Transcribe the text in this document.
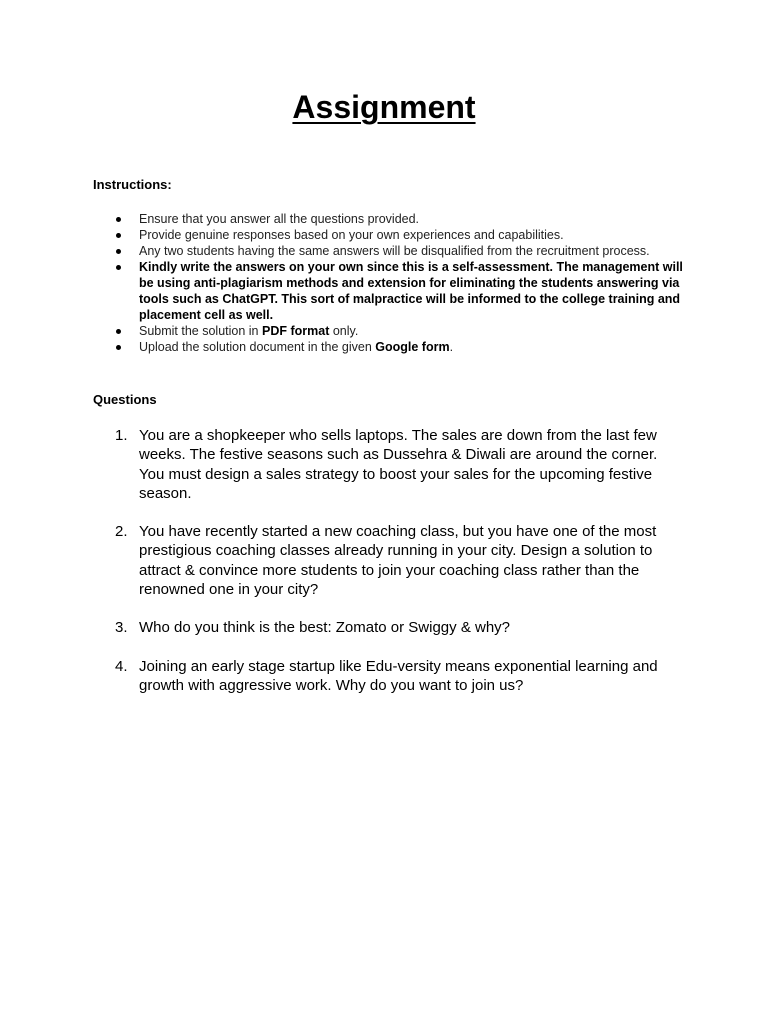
Assignment
Instructions:
Ensure that you answer all the questions provided.
Provide genuine responses based on your own experiences and capabilities.
Any two students having the same answers will be disqualified from the recruitment process.
Kindly write the answers on your own since this is a self-assessment. The management will be using anti-plagiarism methods and extension for eliminating the students answering via tools such as ChatGPT. This sort of malpractice will be informed to the college training and placement cell as well.
Submit the solution in PDF format only.
Upload the solution document in the given Google form.
Questions
1. You are a shopkeeper who sells laptops. The sales are down from the last few weeks. The festive seasons such as Dussehra & Diwali are around the corner. You must design a sales strategy to boost your sales for the upcoming festive season.
2. You have recently started a new coaching class, but you have one of the most prestigious coaching classes already running in your city. Design a solution to attract & convince more students to join your coaching class rather than the renowned one in your city?
3. Who do you think is the best: Zomato or Swiggy & why?
4. Joining an early stage startup like Edu-versity means exponential learning and growth with aggressive work. Why do you want to join us?
